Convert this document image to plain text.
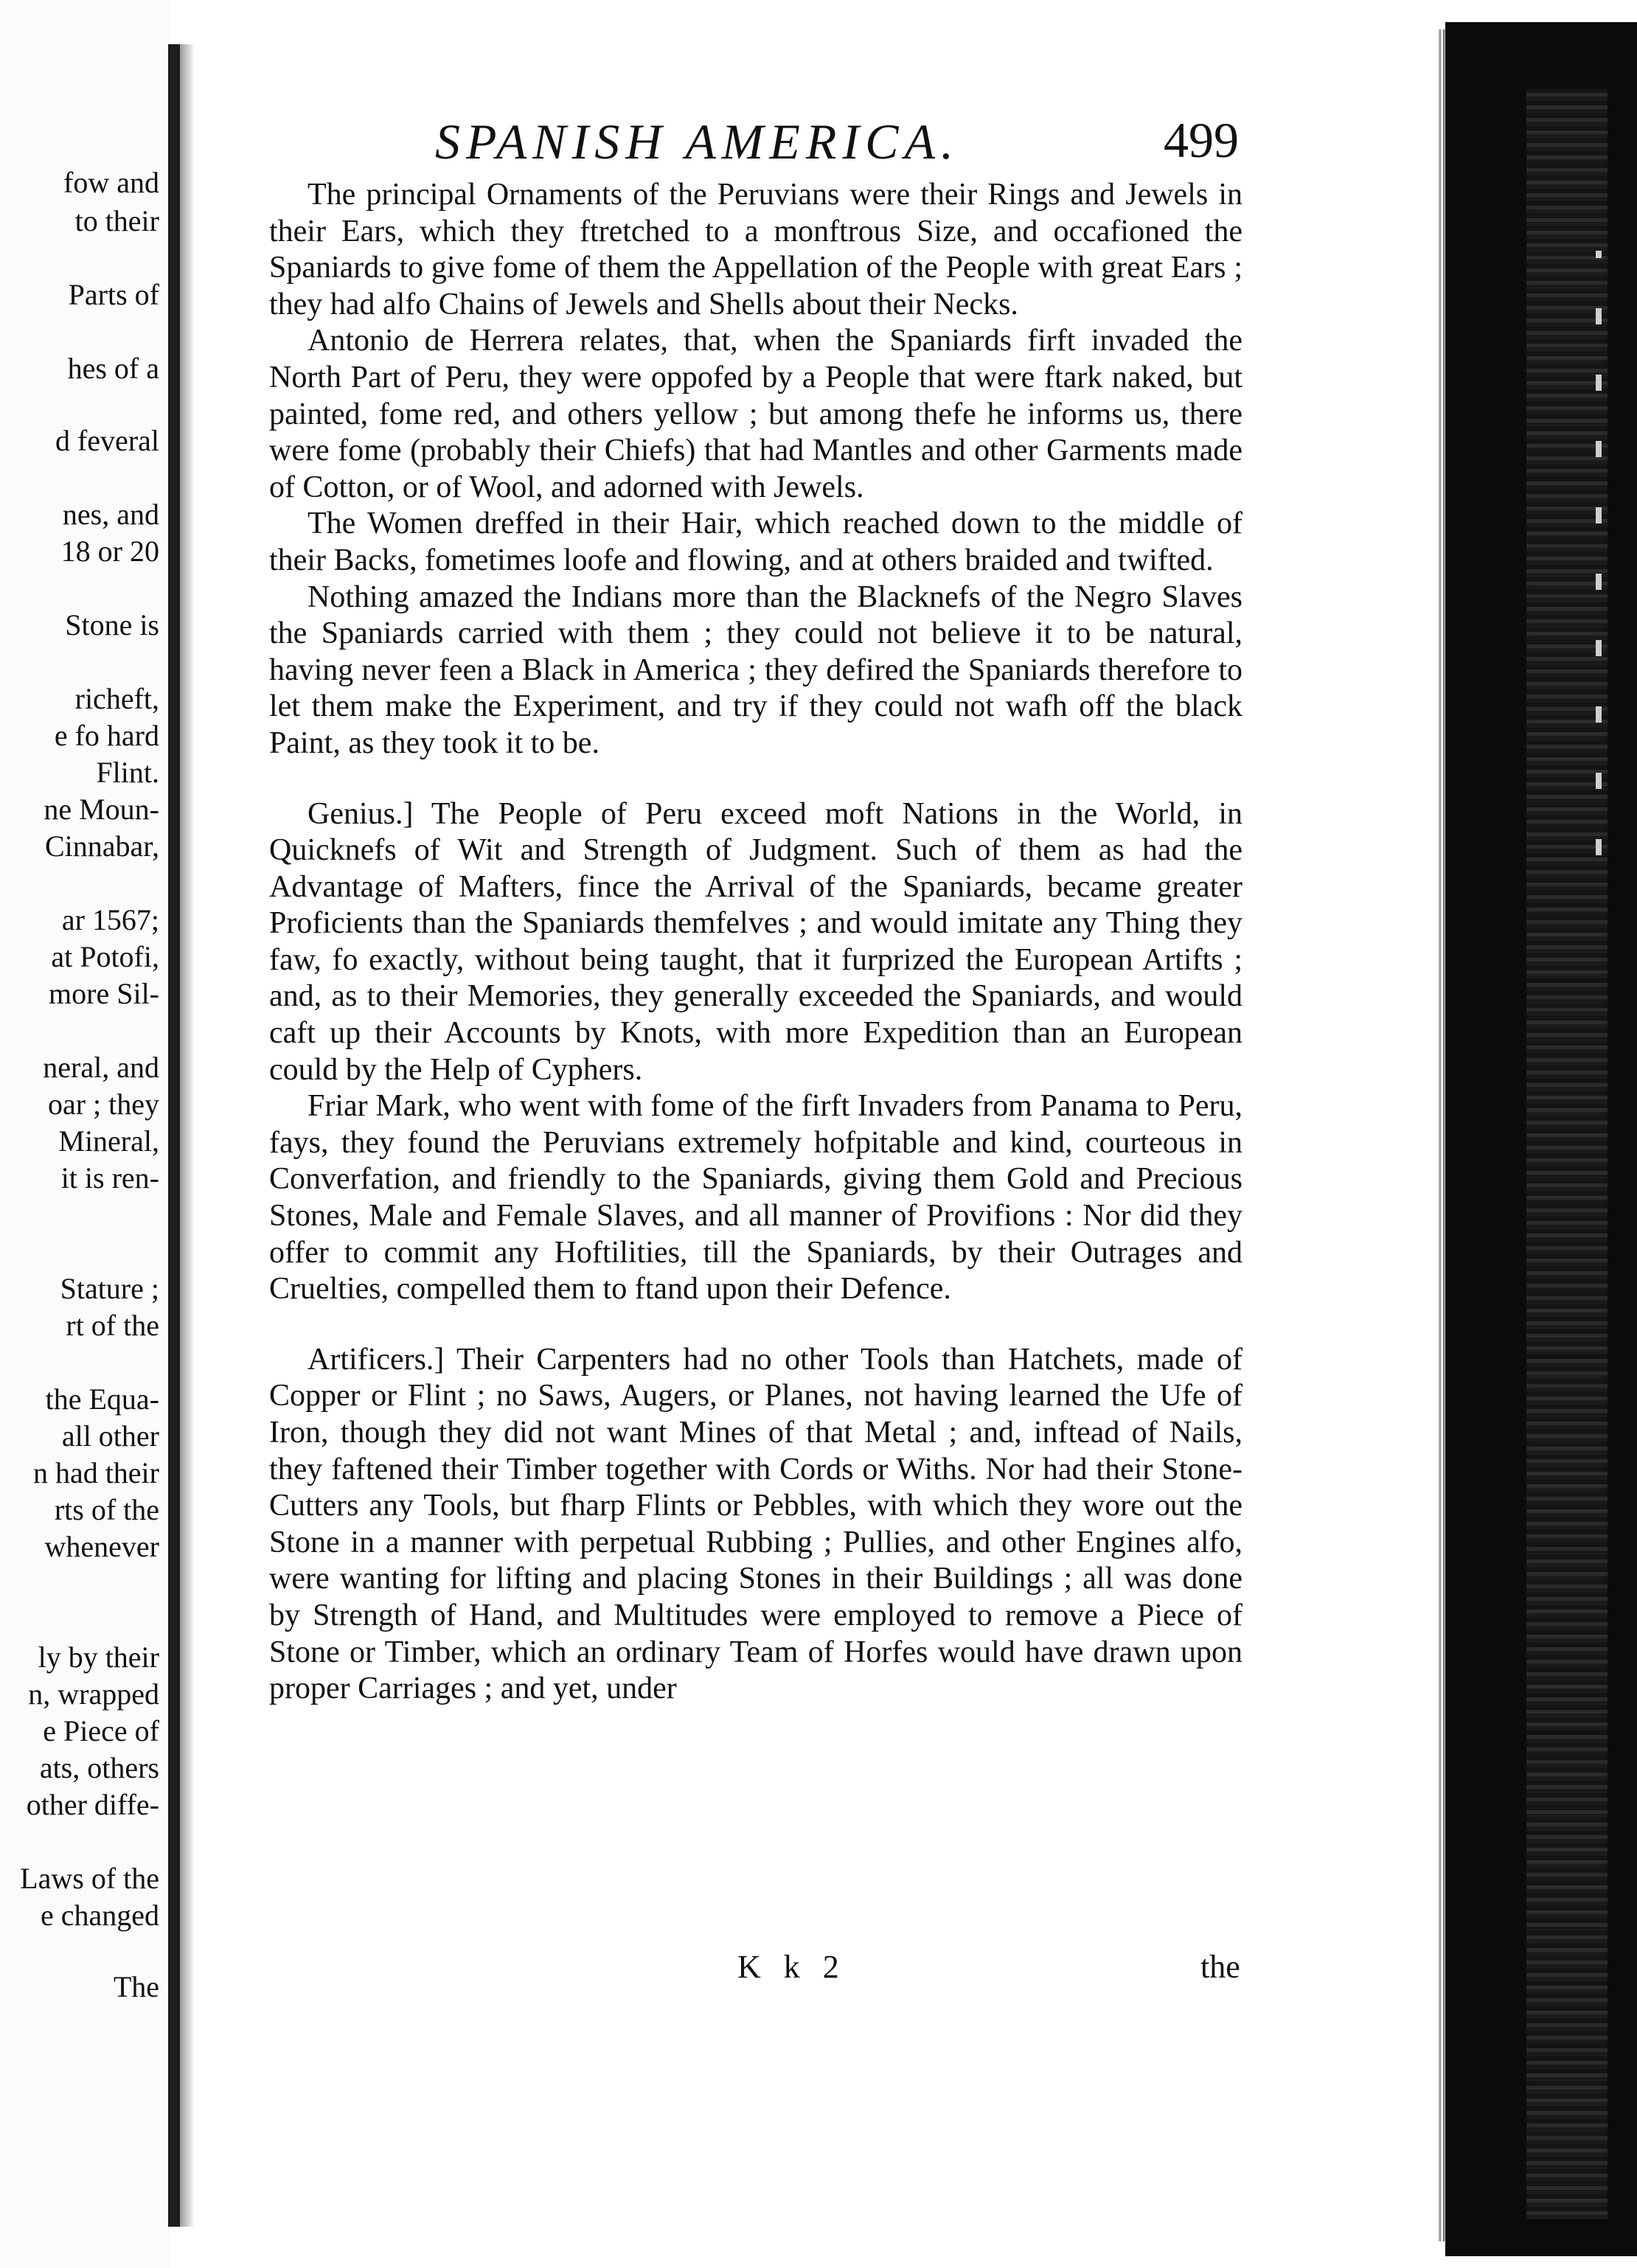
fow and

to their

Parts of

hes of a

d feveral

nes, and

18 or 20

Stone is

richeft,

e fo hard

Flint.

ne Moun-

Cinnabar,

ar 1567;

at Potofi,

more Sil-

neral, and

oar ; they

Mineral,

it is ren-

Stature ;

rt of the

the Equa-

all other

n had their

rts of the

whenever

ly by their

n, wrapped

e Piece of

ats, others

other diffe-

Laws of the

e changed

The

SPANISH AMERICA.	499

The principal Ornaments of the Peruvians were their Rings and Jewels in their Ears, which they ftretched to a monftrous Size, and occafioned the Spaniards to give fome of them the Appellation of the People with great Ears ; they had alfo Chains of Jewels and Shells about their Necks.

Antonio de Herrera relates, that, when the Spaniards firft invaded the North Part of Peru, they were oppofed by a People that were ftark naked, but painted, fome red, and others yellow ; but among thefe he informs us, there were fome (probably their Chiefs) that had Mantles and other Garments made of Cotton, or of Wool, and adorned with Jewels.

The Women dreffed in their Hair, which reached down to the middle of their Backs, fometimes loofe and flowing, and at others braided and twifted.

Nothing amazed the Indians more than the Blacknefs of the Negro Slaves the Spaniards carried with them ; they could not believe it to be natural, having never feen a Black in America ; they defired the Spaniards therefore to let them make the Experiment, and try if they could not wafh off the black Paint, as they took it to be.

Genius.] The People of Peru exceed moft Nations in the World, in Quicknefs of Wit and Strength of Judgment. Such of them as had the Advantage of Mafters, fince the Arrival of the Spaniards, became greater Proficients than the Spaniards themfelves ; and would imitate any Thing they faw, fo exactly, without being taught, that it furprized the European Artifts ; and, as to their Memories, they generally exceeded the Spaniards, and would caft up their Accounts by Knots, with more Expedition than an European could by the Help of Cyphers.

Friar Mark, who went with fome of the firft Invaders from Panama to Peru, fays, they found the Peruvians extremely hofpitable and kind, courteous in Converfation, and friendly to the Spaniards, giving them Gold and Precious Stones, Male and Female Slaves, and all manner of Provifions : Nor did they offer to commit any Hoftilities, till the Spaniards, by their Outrages and Cruelties, compelled them to ftand upon their Defence.

Artificers.] Their Carpenters had no other Tools than Hatchets, made of Copper or Flint ; no Saws, Augers, or Planes, not having learned the Ufe of Iron, though they did not want Mines of that Metal ; and, inftead of Nails, they faftened their Timber together with Cords or Withs. Nor had their Stone-Cutters any Tools, but fharp Flints or Pebbles, with which they wore out the Stone in a manner with perpetual Rubbing ; Pullies, and other Engines alfo, were wanting for lifting and placing Stones in their Buildings ; all was done by Strength of Hand, and Multitudes were employed to remove a Piece of Stone or Timber, which an ordinary Team of Horfes would have drawn upon proper Carriages ; and yet, under

K k 2	the
